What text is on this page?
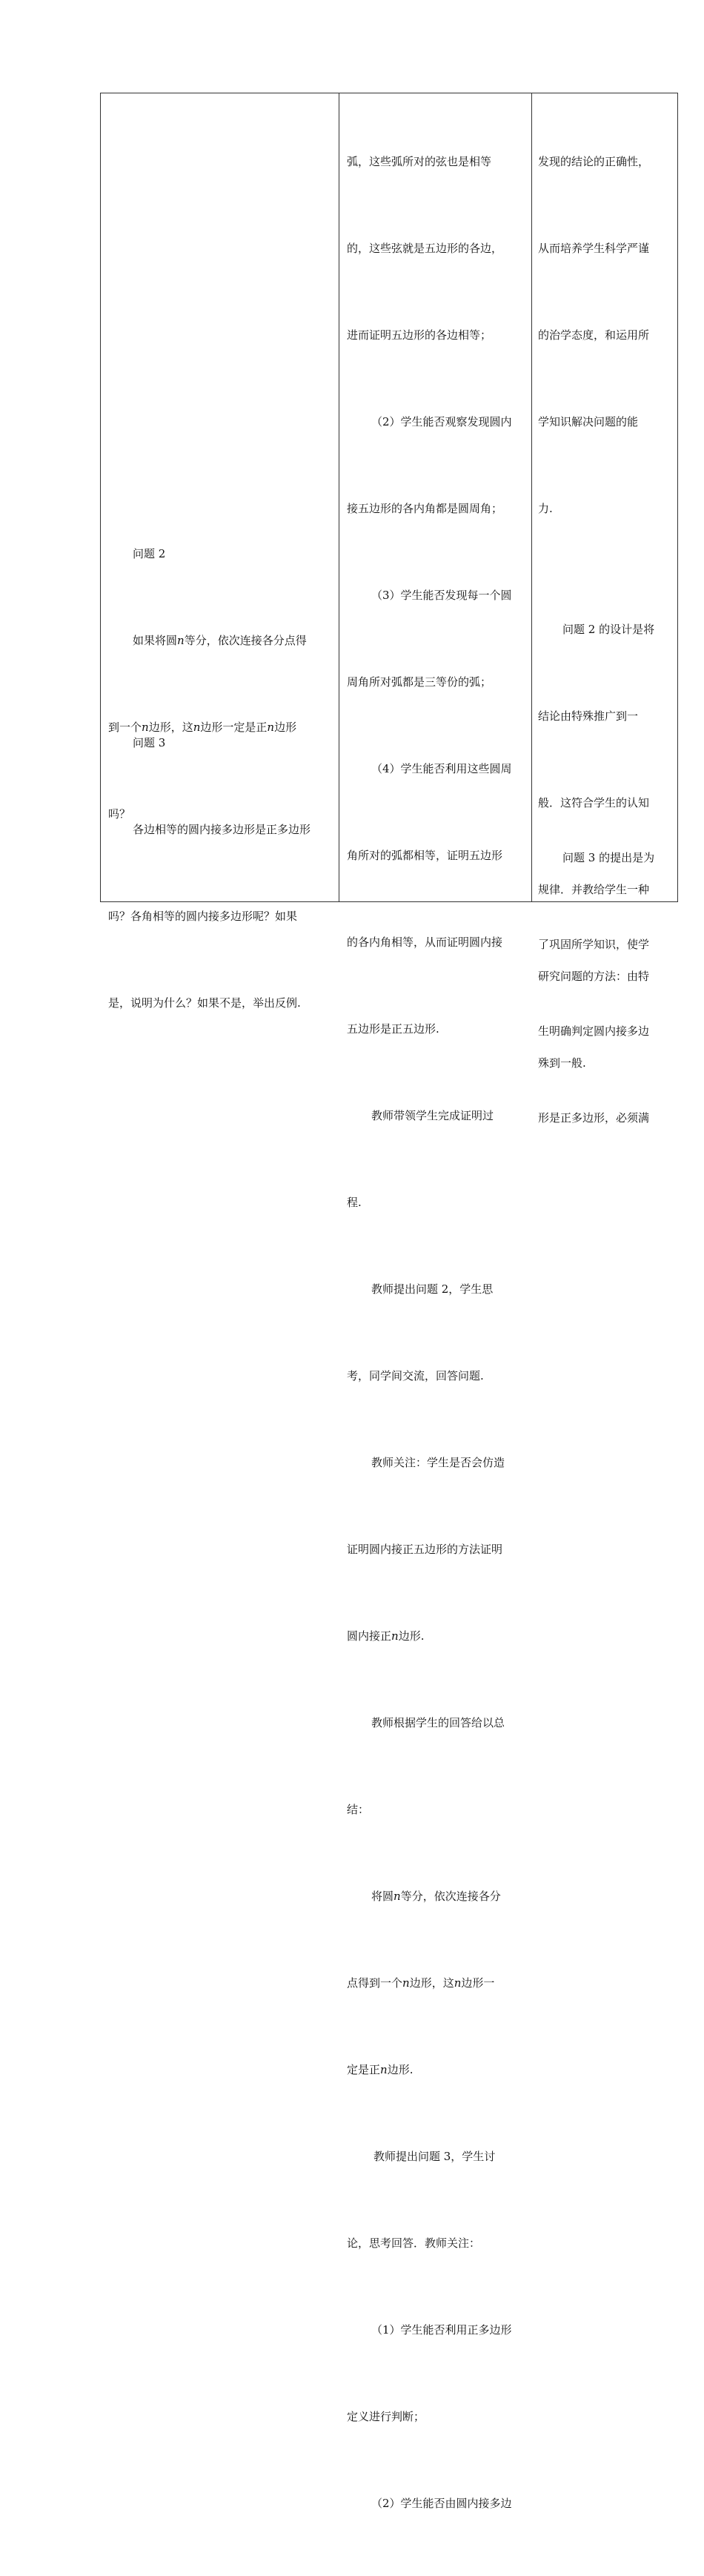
问题 2

如果将圆n等分，依次连接各分点得

到一个n边形，这n边形一定是正n边形

吗？

问题 3

各边相等的圆内接多边形是正多边形

吗？各角相等的圆内接多边形呢？如果

是，说明为什么？如果不是，举出反例.

弧，这些弧所对的弦也是相等

的，这些弦就是五边形的各边，

进而证明五边形的各边相等；

（2）学生能否观察发现圆内

接五边形的各内角都是圆周角；

（3）学生能否发现每一个圆

周角所对弧都是三等份的弧；

（4）学生能否利用这些圆周

角所对的弧都相等，证明五边形

的各内角相等，从而证明圆内接

五边形是正五边形.

教师带领学生完成证明过

程.

教师提出问题 2，学生思

考，同学间交流，回答问题.

教师关注：学生是否会仿造

证明圆内接正五边形的方法证明

圆内接正n边形.

教师根据学生的回答给以总

结：

将圆n等分，依次连接各分

点得到一个n边形，这n边形一

定是正n边形.

教师提出问题 3，学生讨

论，思考回答．教师关注：

（1）学生能否利用正多边形

定义进行判断；

（2）学生能否由圆内接多边

发现的结论的正确性，

从而培养学生科学严谨

的治学态度，和运用所

学知识解决问题的能

力.

问题 2 的设计是将

结论由特殊推广到一

般．这符合学生的认知

规律．并教给学生一种

研究问题的方法：由特

殊到一般.

问题 3 的提出是为

了巩固所学知识，使学

生明确判定圆内接多边

形是正多边形，必须满
